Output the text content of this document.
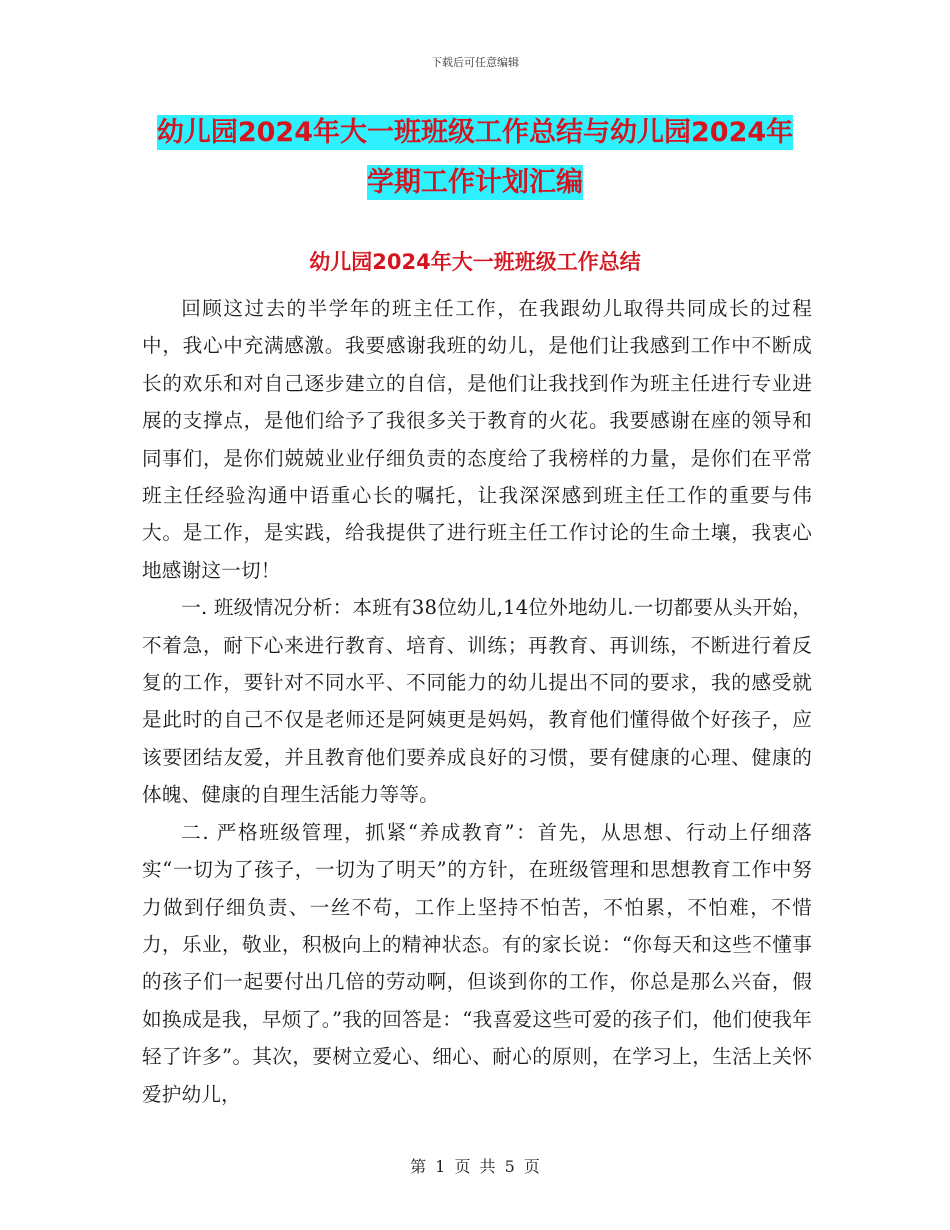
下载后可任意编辑
幼儿园2024年大一班班级工作总结与幼儿园2024年
学期工作计划汇编
幼儿园2024年大一班班级工作总结

回顾这过去的半学年的班主任工作，在我跟幼儿取得共同成长的过程中，我心中充满感激。我要感谢我班的幼儿，是他们让我感到工作中不断成长的欢乐和对自己逐步建立的自信，是他们让我找到作为班主任进行专业进展的支撑点，是他们给予了我很多关于教育的火花。我要感谢在座的领导和同事们，是你们兢兢业业仔细负责的态度给了我榜样的力量，是你们在平常班主任经验沟通中语重心长的嘱托，让我深深感到班主任工作的重要与伟大。是工作，是实践，给我提供了进行班主任工作讨论的生命土壤，我衷心地感谢这一切！

一. 班级情况分析：本班有38位幼儿,14位外地幼儿.一切都要从头开始，不着急，耐下心来进行教育、培育、训练；再教育、再训练，不断进行着反复的工作，要针对不同水平、不同能力的幼儿提出不同的要求，我的感受就是此时的自己不仅是老师还是阿姨更是妈妈，教育他们懂得做个好孩子，应该要团结友爱，并且教育他们要养成良好的习惯，要有健康的心理、健康的体魄、健康的自理生活能力等等。

二. 严格班级管理，抓紧“养成教育”：首先，从思想、行动上仔细落实“一切为了孩子，一切为了明天”的方针，在班级管理和思想教育工作中努力做到仔细负责、一丝不苟，工作上坚持不怕苦，不怕累，不怕难，不惜力，乐业，敬业，积极向上的精神状态。有的家长说：“你每天和这些不懂事的孩子们一起要付出几倍的劳动啊，但谈到你的工作，你总是那么兴奋，假如换成是我，早烦了。”我的回答是：“我喜爱这些可爱的孩子们，他们使我年轻了许多”。其次，要树立爱心、细心、耐心的原则，在学习上，生活上关怀爱护幼儿，

第 1 页 共 5 页
